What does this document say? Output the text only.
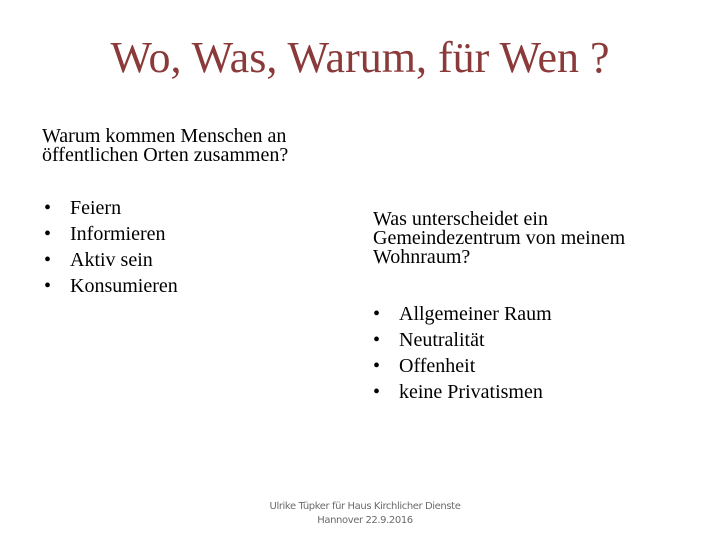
Wo, Was, Warum, für Wen ?
Warum kommen Menschen an
öffentlichen Orten zusammen?
• Feiern
• Informieren
• Aktiv sein
• Konsumieren
Was unterscheidet ein
Gemeindezentrum von meinem
Wohnraum?
• Allgemeiner Raum
• Neutralität
• Offenheit
• keine Privatismen
Ulrike Tüpker für Haus Kirchlicher Dienste
Hannover 22.9.2016
